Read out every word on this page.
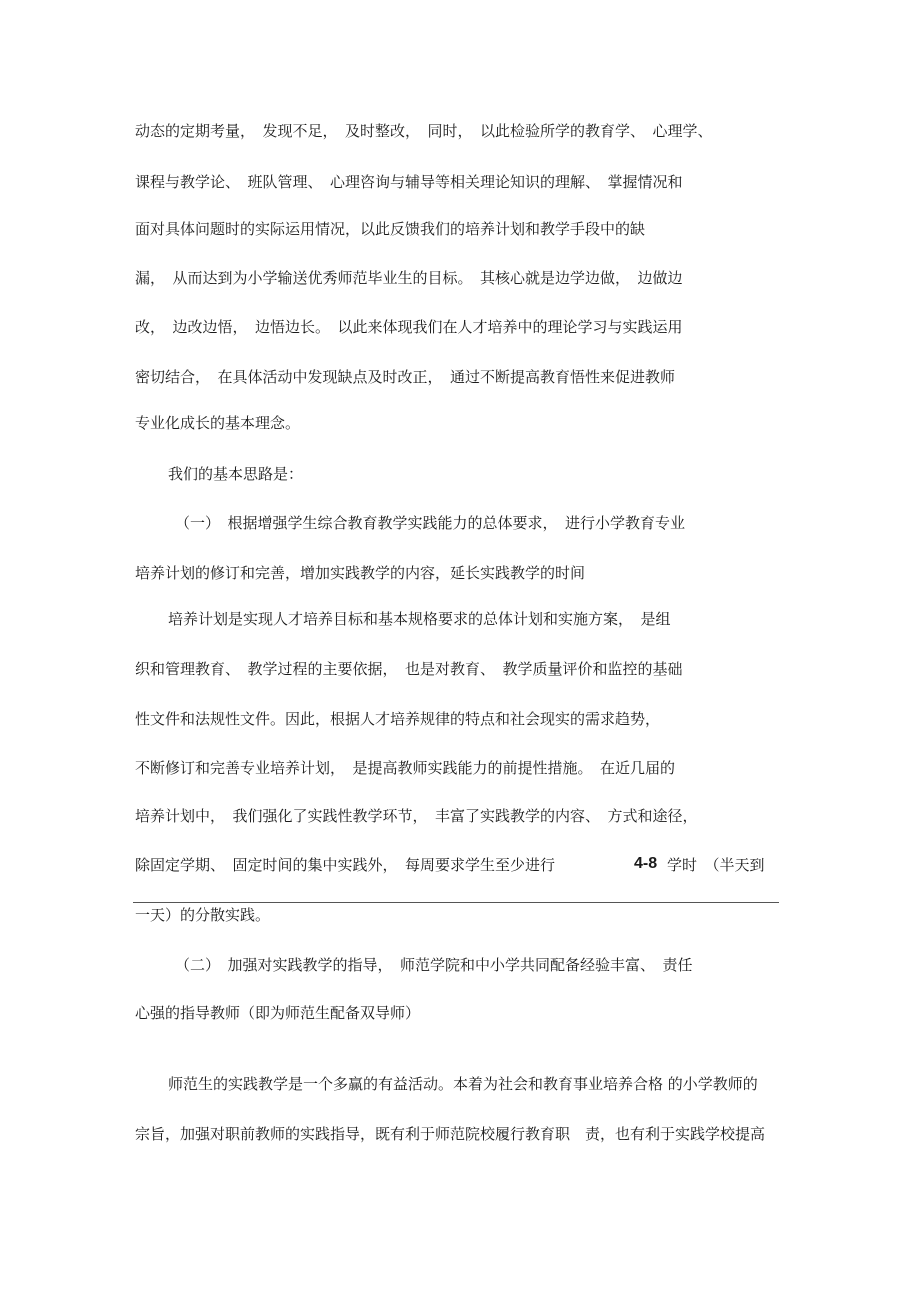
动态的定期考量，　发现不足，　及时整改，　同时，　以此检验所学的教育学、　心理学、

课程与教学论、　班队管理、　心理咨询与辅导等相关理论知识的理解、　掌握情况和

面对具体问题时的实际运用情况，以此反馈我们的培养计划和教学手段中的缺

漏，　从而达到为小学输送优秀师范毕业生的目标。　其核心就是边学边做，　边做边

改，　边改边悟，　边悟边长。　以此来体现我们在人才培养中的理论学习与实践运用

密切结合，　在具体活动中发现缺点及时改正，　通过不断提高教育悟性来促进教师

专业化成长的基本理念。

我们的基本思路是：

（一）　根据增强学生综合教育教学实践能力的总体要求，　进行小学教育专业

培养计划的修订和完善，增加实践教学的内容，延长实践教学的时间

培养计划是实现人才培养目标和基本规格要求的总体计划和实施方案，　是组

织和管理教育、　教学过程的主要依据，　也是对教育、　教学质量评价和监控的基础

性文件和法规性文件。因此，根据人才培养规律的特点和社会现实的需求趋势，

不断修订和完善专业培养计划，　是提高教师实践能力的前提性措施。　在近几届的

培养计划中，　我们强化了实践性教学环节，　丰富了实践教学的内容、　方式和途径，

除固定学期、　固定时间的集中实践外，　每周要求学生至少进行	4-8 学时　（半天到

一天）的分散实践。

（二）　加强对实践教学的指导，　师范学院和中小学共同配备经验丰富、　责任

心强的指导教师（即为师范生配备双导师）

师范生的实践教学是一个多赢的有益活动。本着为社会和教育事业培养合格 的小学教师的

宗旨，加强对职前教师的实践指导，既有利于师范院校履行教育职　责，也有利于实践学校提高
